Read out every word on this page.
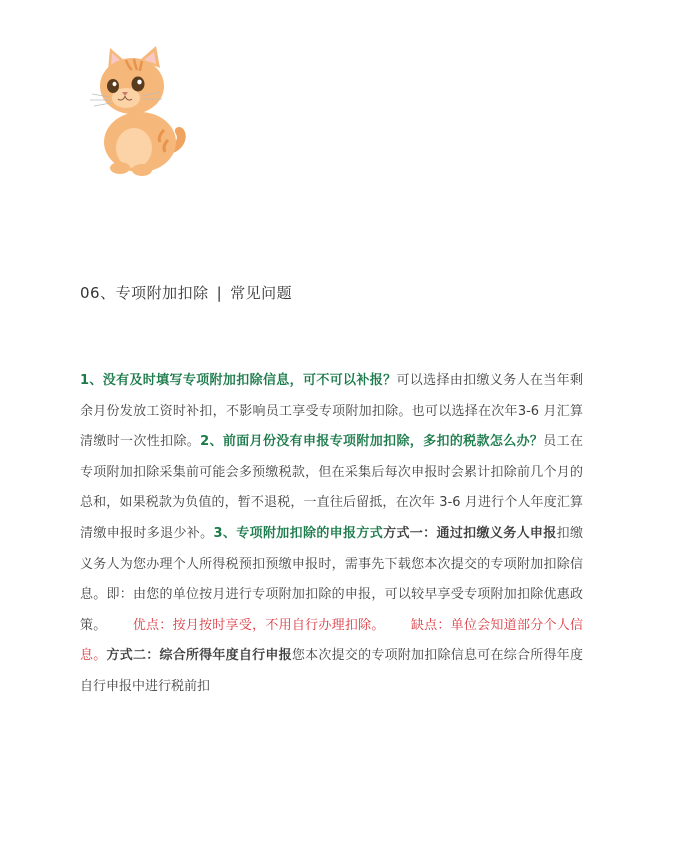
06、专项附加扣除 | 常见问题
1、没有及时填写专项附加扣除信息，可不可以补报？可以选择由扣缴义务人在当年剩余月份发放工资时补扣，不影响员工享受专项附加扣除。也可以选择在次年3-6 月汇算清缴时一次性扣除。2、前面月份没有申报专项附加扣除，多扣的税款怎么办？员工在专项附加扣除采集前可能会多预缴税款，但在采集后每次申报时会累计扣除前几个月的总和，如果税款为负值的，暂不退税，一直往后留抵，在次年 3-6 月进行个人年度汇算清缴申报时多退少补。3、专项附加扣除的申报方式方式一：通过扣缴义务人申报扣缴义务人为您办理个人所得税预扣预缴申报时，需事先下载您本次提交的专项附加扣除信息。即：由您的单位按月进行专项附加扣除的申报，可以较早享受专项附加扣除优惠政策。 优点：按月按时享受，不用自行办理扣除。 缺点：单位会知道部分个人信息。方式二：综合所得年度自行申报您本次提交的专项附加扣除信息可在综合所得年度自行申报中进行税前扣
